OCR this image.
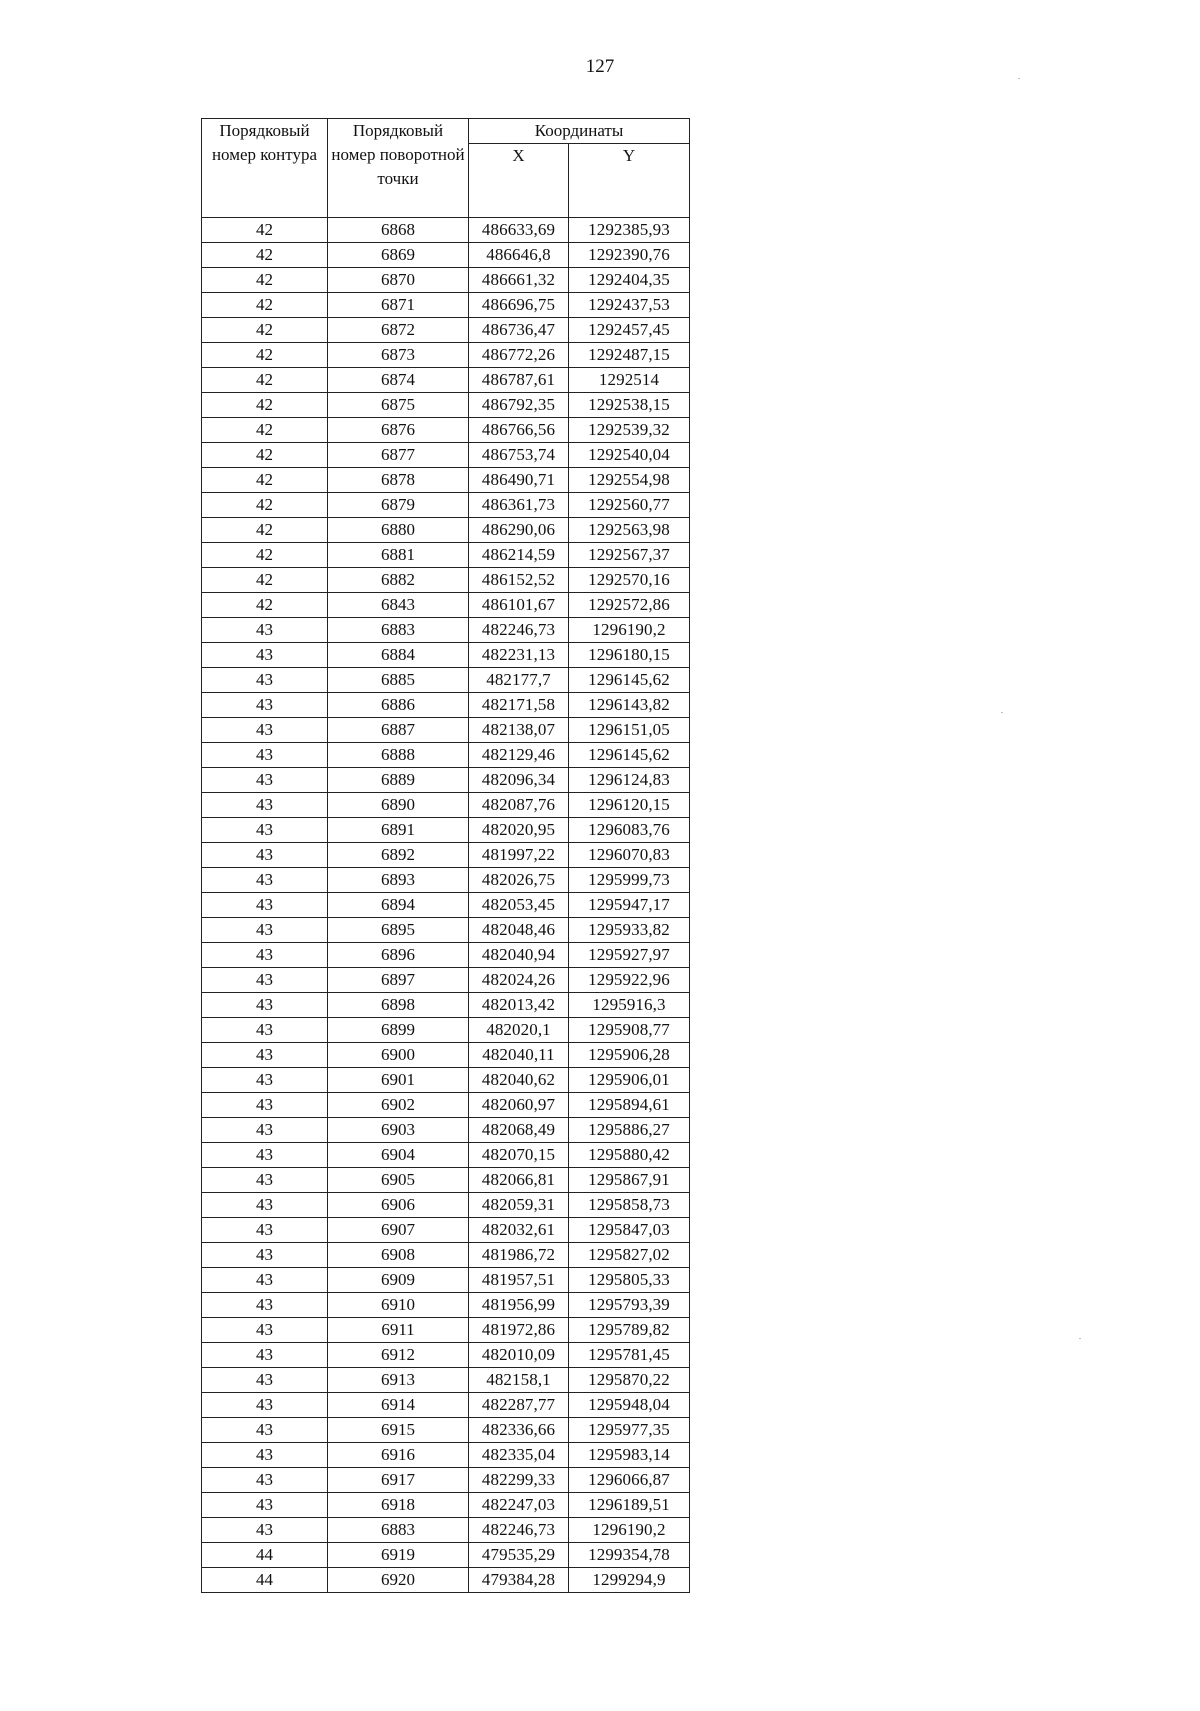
127
Порядковый номер контура	Порядковый номер поворотной точки	Координаты	
		X	Y
42	6868	486633,69	1292385,93
42	6869	486646,8	1292390,76
42	6870	486661,32	1292404,35
42	6871	486696,75	1292437,53
42	6872	486736,47	1292457,45
42	6873	486772,26	1292487,15
42	6874	486787,61	1292514
42	6875	486792,35	1292538,15
42	6876	486766,56	1292539,32
42	6877	486753,74	1292540,04
42	6878	486490,71	1292554,98
42	6879	486361,73	1292560,77
42	6880	486290,06	1292563,98
42	6881	486214,59	1292567,37
42	6882	486152,52	1292570,16
42	6843	486101,67	1292572,86
43	6883	482246,73	1296190,2
43	6884	482231,13	1296180,15
43	6885	482177,7	1296145,62
43	6886	482171,58	1296143,82
43	6887	482138,07	1296151,05
43	6888	482129,46	1296145,62
43	6889	482096,34	1296124,83
43	6890	482087,76	1296120,15
43	6891	482020,95	1296083,76
43	6892	481997,22	1296070,83
43	6893	482026,75	1295999,73
43	6894	482053,45	1295947,17
43	6895	482048,46	1295933,82
43	6896	482040,94	1295927,97
43	6897	482024,26	1295922,96
43	6898	482013,42	1295916,3
43	6899	482020,1	1295908,77
43	6900	482040,11	1295906,28
43	6901	482040,62	1295906,01
43	6902	482060,97	1295894,61
43	6903	482068,49	1295886,27
43	6904	482070,15	1295880,42
43	6905	482066,81	1295867,91
43	6906	482059,31	1295858,73
43	6907	482032,61	1295847,03
43	6908	481986,72	1295827,02
43	6909	481957,51	1295805,33
43	6910	481956,99	1295793,39
43	6911	481972,86	1295789,82
43	6912	482010,09	1295781,45
43	6913	482158,1	1295870,22
43	6914	482287,77	1295948,04
43	6915	482336,66	1295977,35
43	6916	482335,04	1295983,14
43	6917	482299,33	1296066,87
43	6918	482247,03	1296189,51
43	6883	482246,73	1296190,2
44	6919	479535,29	1299354,78
44	6920	479384,28	1299294,9
